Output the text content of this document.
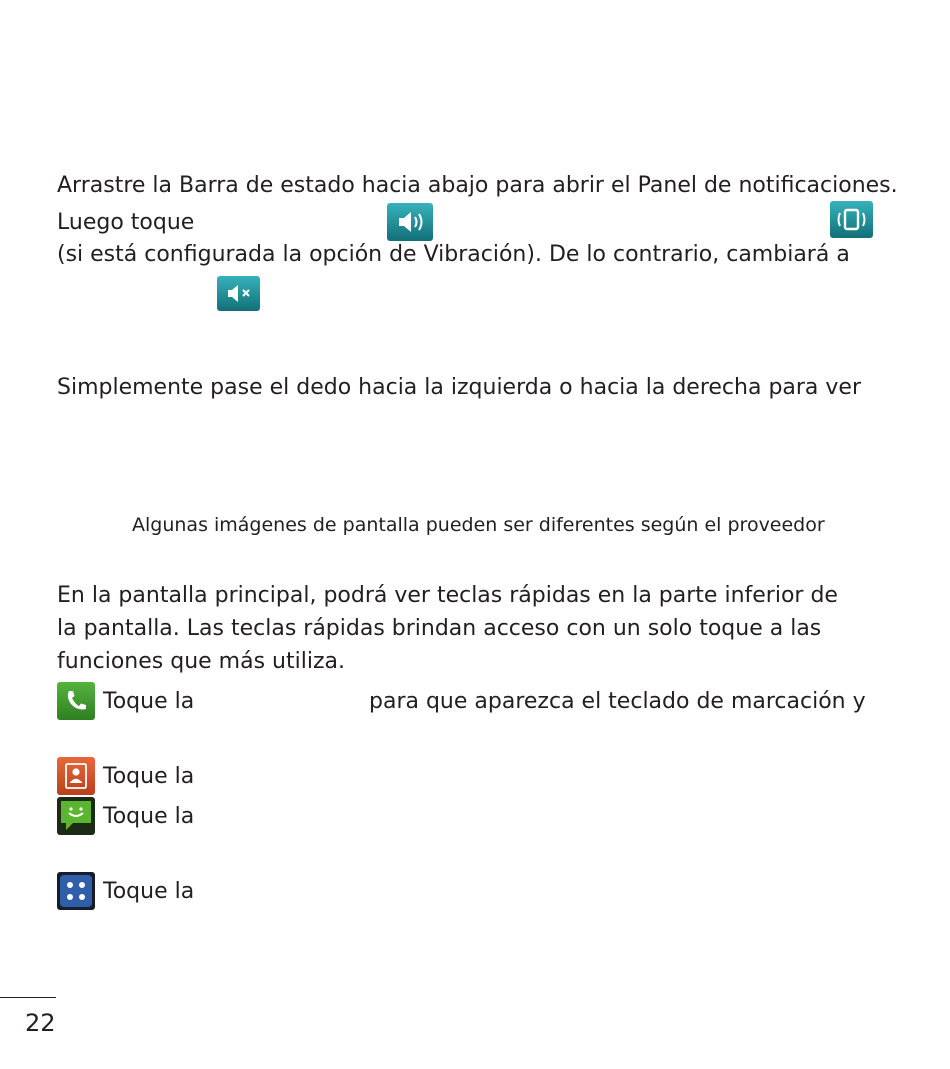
Arrastre la Barra de estado hacia abajo para abrir el Panel de notificaciones.
Luego toque
(si está configurada la opción de Vibración). De lo contrario, cambiará a
Simplemente pase el dedo hacia la izquierda o hacia la derecha para ver
Algunas imágenes de pantalla pueden ser diferentes según el proveedor
En la pantalla principal, podrá ver teclas rápidas en la parte inferior de
la pantalla. Las teclas rápidas brindan acceso con un solo toque a las
funciones que más utiliza.
Toque la	para que aparezca el teclado de marcación y
Toque la
Toque la
Toque la
22
